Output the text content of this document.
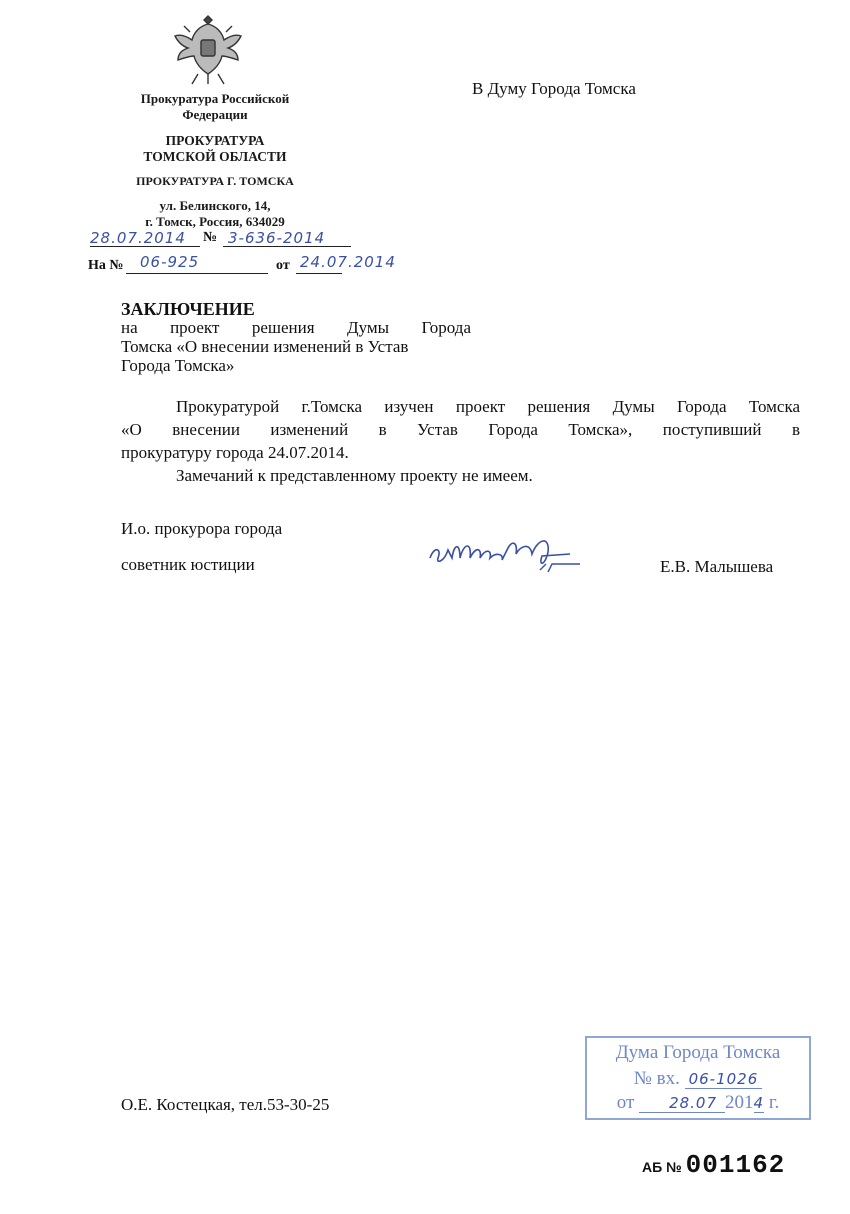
Прокуратура Российской
Федерации
ПРОКУРАТУРА
ТОМСКОЙ ОБЛАСТИ
ПРОКУРАТУРА Г. ТОМСКА
ул. Белинского, 14,
г. Томск, Россия, 634029
28.07.2014 № 3-636-2014
На № 06-925	от 24.07.2014
В Думу Города Томска
ЗАКЛЮЧЕНИЕ
на проект решения Думы Города
Томска «О внесении изменений в Устав
Города Томска»
Прокуратурой г.Томска изучен проект решения Думы Города Томска
«О внесении изменений в Устав Города Томска», поступивший в
прокуратуру города 24.07.2014.
Замечаний к представленному проекту не имеем.
И.о. прокурора города
советник юстиции	Е.В. Малышева
О.Е. Костецкая, тел.53-30-25
Дума Города Томска
№ вх. 06-1026
от 28.07 2014 г.
АБ № 001162
